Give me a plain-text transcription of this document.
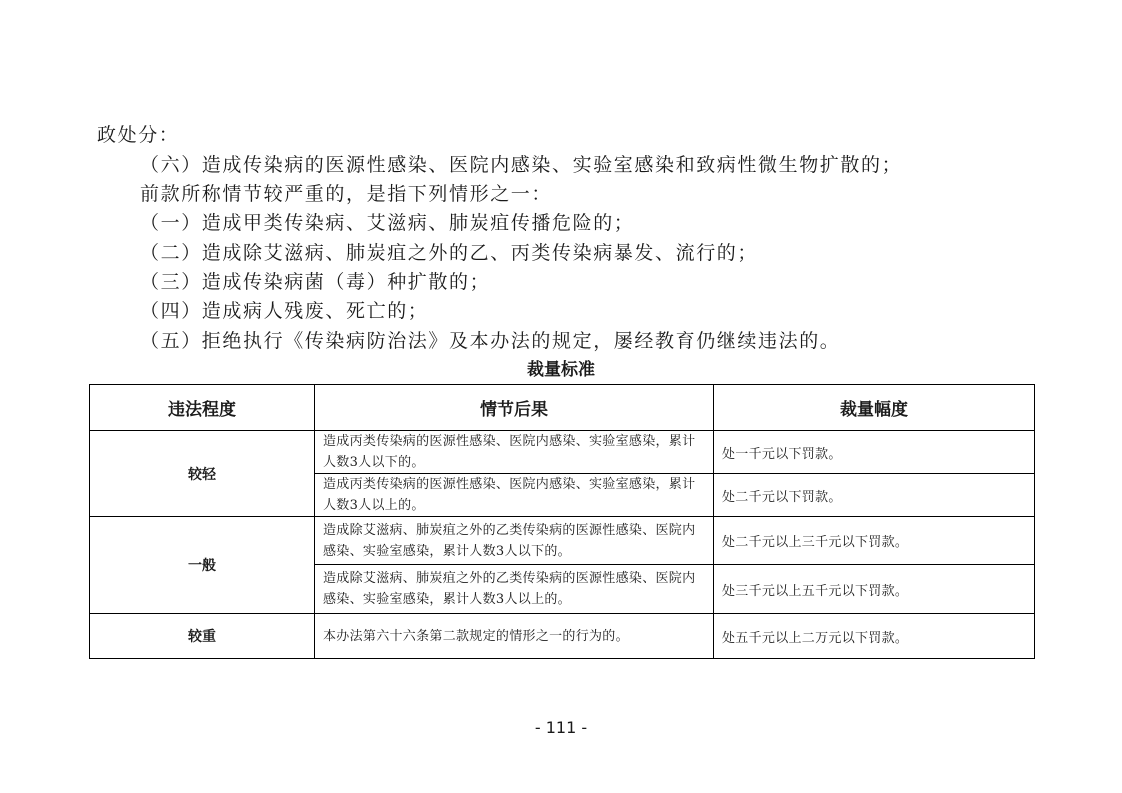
政处分：
（六）造成传染病的医源性感染、医院内感染、实验室感染和致病性微生物扩散的；
前款所称情节较严重的，是指下列情形之一：
（一）造成甲类传染病、艾滋病、肺炭疽传播危险的；
（二）造成除艾滋病、肺炭疽之外的乙、丙类传染病暴发、流行的；
（三）造成传染病菌（毒）种扩散的；
（四）造成病人残废、死亡的；
（五）拒绝执行《传染病防治法》及本办法的规定，屡经教育仍继续违法的。
裁量标准
违法程度	情节后果	裁量幅度
较轻	造成丙类传染病的医源性感染、医院内感染、实验室感染，累计人数3人以下的。	处一千元以下罚款。
	造成丙类传染病的医源性感染、医院内感染、实验室感染，累计人数3人以上的。	处二千元以下罚款。
一般	造成除艾滋病、肺炭疽之外的乙类传染病的医源性感染、医院内感染、实验室感染，累计人数3人以下的。	处二千元以上三千元以下罚款。
	造成除艾滋病、肺炭疽之外的乙类传染病的医源性感染、医院内感染、实验室感染，累计人数3人以上的。	处三千元以上五千元以下罚款。
较重	本办法第六十六条第二款规定的情形之一的行为的。	处五千元以上二万元以下罚款。
- 111 -
